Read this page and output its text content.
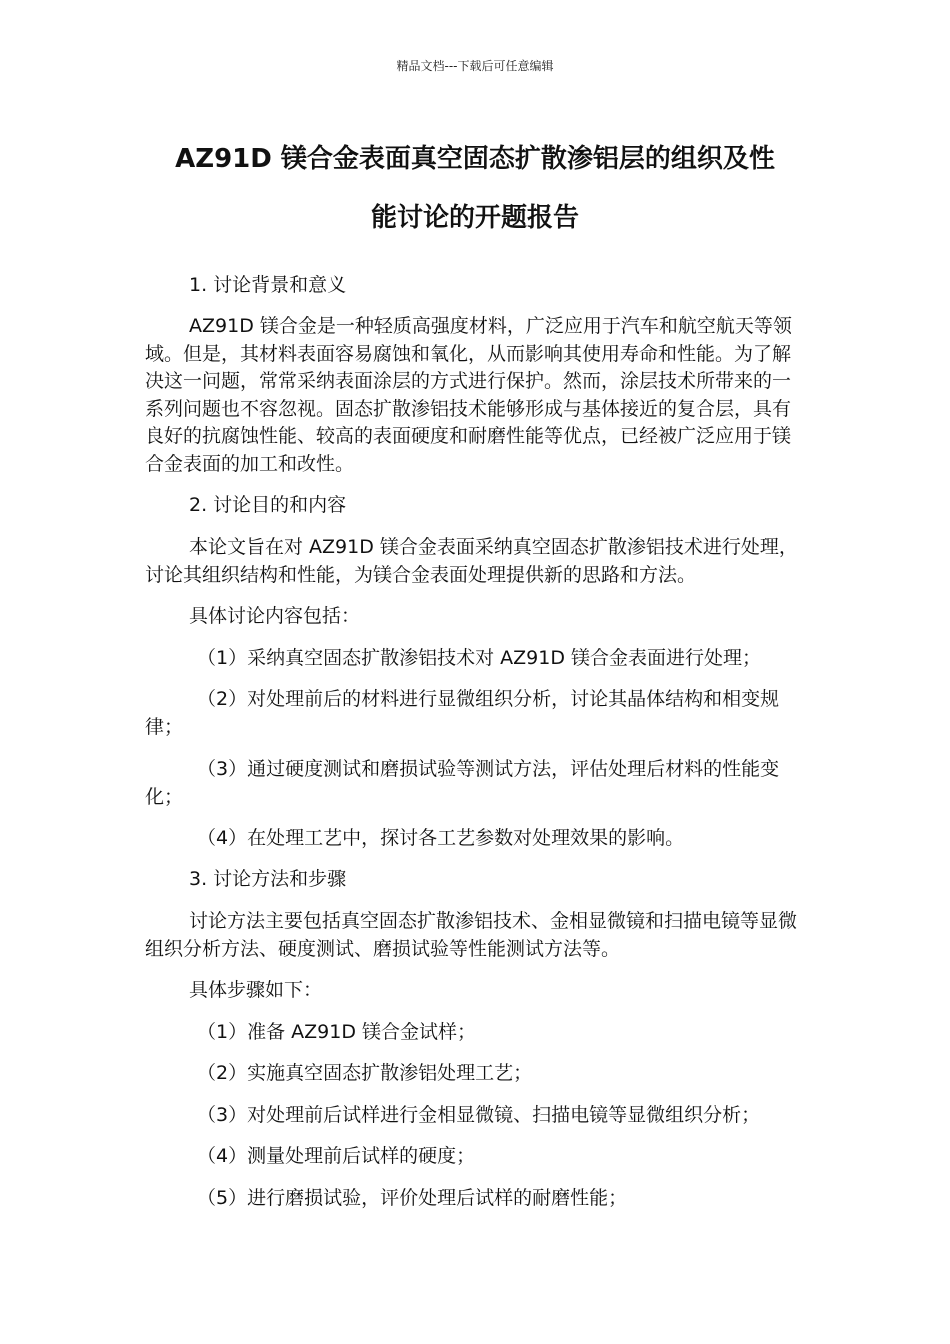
精品文档---下载后可任意编辑
AZ91D 镁合金表面真空固态扩散渗铝层的组织及性
能讨论的开题报告

1. 讨论背景和意义

AZ91D 镁合金是一种轻质高强度材料，广泛应用于汽车和航空航天等领域。但是，其材料表面容易腐蚀和氧化，从而影响其使用寿命和性能。为了解决这一问题，常常采纳表面涂层的方式进行保护。然而，涂层技术所带来的一系列问题也不容忽视。固态扩散渗铝技术能够形成与基体接近的复合层，具有良好的抗腐蚀性能、较高的表面硬度和耐磨性能等优点，已经被广泛应用于镁合金表面的加工和改性。

2. 讨论目的和内容

本论文旨在对 AZ91D 镁合金表面采纳真空固态扩散渗铝技术进行处理，讨论其组织结构和性能，为镁合金表面处理提供新的思路和方法。

具体讨论内容包括：

（1）采纳真空固态扩散渗铝技术对 AZ91D 镁合金表面进行处理；

（2）对处理前后的材料进行显微组织分析，讨论其晶体结构和相变规律；

（3）通过硬度测试和磨损试验等测试方法，评估处理后材料的性能变化；

（4）在处理工艺中，探讨各工艺参数对处理效果的影响。

3. 讨论方法和步骤

讨论方法主要包括真空固态扩散渗铝技术、金相显微镜和扫描电镜等显微组织分析方法、硬度测试、磨损试验等性能测试方法等。

具体步骤如下：

（1）准备 AZ91D 镁合金试样；

（2）实施真空固态扩散渗铝处理工艺；

（3）对处理前后试样进行金相显微镜、扫描电镜等显微组织分析；

（4）测量处理前后试样的硬度；

（5）进行磨损试验，评价处理后试样的耐磨性能；
